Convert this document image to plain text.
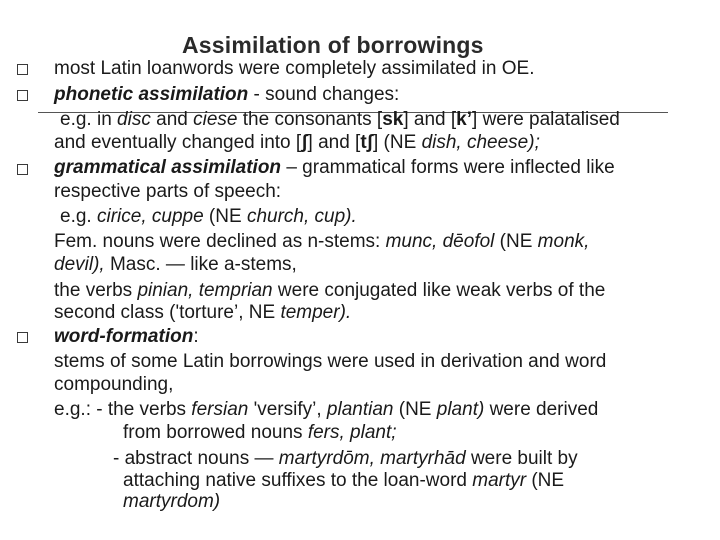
Assimilation of borrowings
most Latin loanwords were completely assimilated in OE.
phonetic assimilation - sound changes:
e.g. in disc and ciese the consonants [sk] and [k’] were palatalised
and eventually changed into [ʃ] and [tʃ] (NE dish, cheese);
grammatical assimilation – grammatical forms were inflected like
respective parts of speech:
e.g. cirice, cuppe (NE church, cup).
Fem. nouns were declined as n-stems: munc, dēofol (NE monk,
devil), Masc. — like a-stems,
the verbs pinian, temprian were conjugated like weak verbs of the
second class ('torture’, NE temper).
word-formation:
stems of some Latin borrowings were used in derivation and word
compounding,
e.g.: - the verbs fersian 'versify’, plantian (NE plant) were derived
from borrowed nouns fers, plant;
- abstract nouns — martyrdōm, martyrhād were built by
attaching native suffixes to the loan-word martyr (NE
martyrdom)
